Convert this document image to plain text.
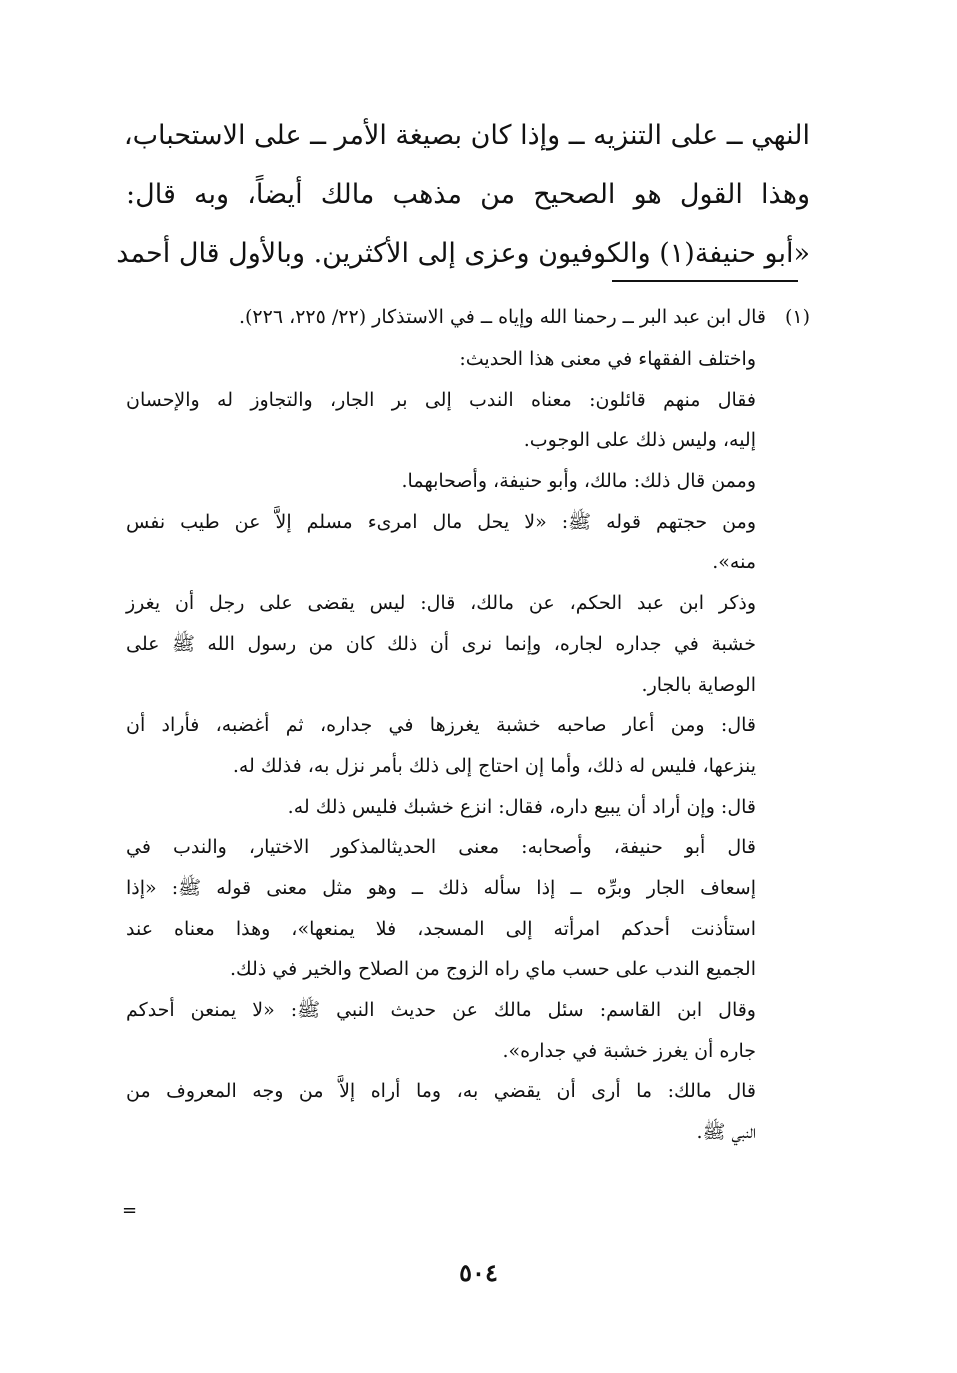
النهي ــ على التنزيه ــ وإذا كان بصيغة الأمر ــ على الاستحباب،
وهذا القول هو الصحيح من مذهب مالك أيضاً، وبه قال:
«أبو حنيفة(١) والكوفيون وعزى إلى الأكثرين. وبالأول قال أحمد
(١)
قال ابن عبد البر ــ رحمنا الله وإياه ــ في الاستذكار (٢٢/ ٢٢٥، ٢٢٦).
واختلف الفقهاء في معنى هذا الحديث:
فقال منهم قائلون: معناه الندب إلى بر الجار، والتجاوز له والإحسان
إليه، وليس ذلك على الوجوب.
وممن قال ذلك: مالك، وأبو حنيفة، وأصحابهما.
ومن حجتهم قوله ﷺ: «لا يحل مال امرىء مسلم إلاَّ عن طيب نفس
منه».
وذكر ابن عبد الحكم، عن مالك، قال: ليس يقضى على رجل أن يغرز
خشبة في جداره لجاره، وإنما نرى أن ذلك كان من رسول الله ﷺ على
الوصاية بالجار.
قال: ومن أعار صاحبه خشبة يغرزها في جداره، ثم أغضبه، فأراد أن
ينزعها، فليس له ذلك، وأما إن احتاج إلى ذلك بأمر نزل به، فذلك له.
قال: وإن أراد أن يبيع داره، فقال: انزع خشبك فليس ذلك له.
قال أبو حنيفة، وأصحابه: معنى الحديثالمذكور الاختيار، والندب في
إسعاف الجار وبرِّه ــ إذا سأله ذلك ــ وهو مثل معنى قوله ﷺ: «إذا
استأذنت أحدكم امرأته إلى المسجد، فلا يمنعها»، وهذا معناه عند
الجميع الندب على حسب ماي راه الزوج من الصلاح والخير في ذلك.
وقال ابن القاسم: سئل مالك عن حديث النبي ﷺ: «لا يمنعن أحدكم
جاره أن يغرز خشبة في جداره».
قال مالك: ما أرى أن يقضي به، وما أراه إلاَّ من وجه المعروف من
النبي ﷺ.
=
٥٠٤
